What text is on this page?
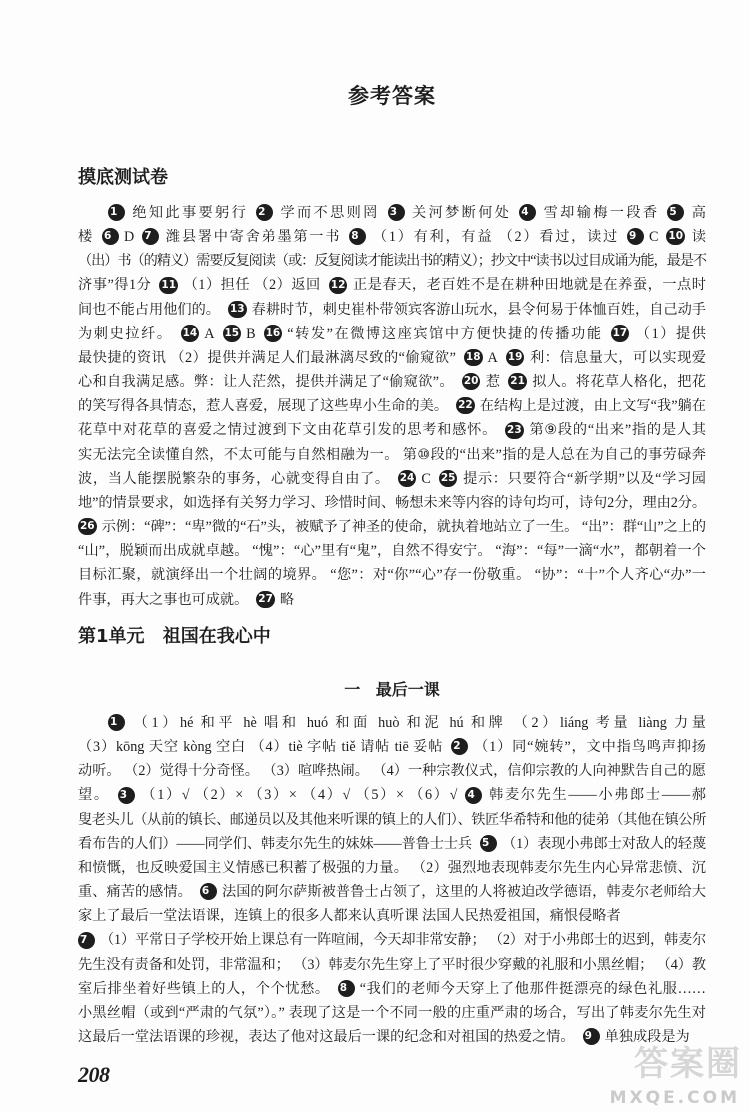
参考答案
摸底测试卷
1 绝知此事要躬行 2 学而不思则罔 3 关河梦断何处 4 雪却输梅一段香 5 高
楼 6 D 7 潍县署中寄舍弟墨第一书 8 （1）有利，有益 （2）看过，读过 9 C 10 读
（出）书（的精义）需要反复阅读（或：反复阅读才能读出书的精义）；抄文中“读书以过目成诵为能，最是不
济事”得1分 11 （1）担任 （2）返回 12 正是春天，老百姓不是在耕种田地就是在养蚕，一点时
间也不能占用他们的。 13 春耕时节，刺史崔朴带领宾客游山玩水，县令何易于体恤百姓，自己动手
为刺史拉纤。 14 A 15 B 16 “转发”在微博这座宾馆中方便快捷的传播功能 17 （1）提供
最快捷的资讯 （2）提供并满足人们最淋漓尽致的“偷窥欲” 18 A 19 利：信息量大，可以实现爱
心和自我满足感。弊：让人茫然，提供并满足了“偷窥欲”。 20 惹 21 拟人。将花草人格化，把花
的笑写得各具情态，惹人喜爱，展现了这些卑小生命的美。 22 在结构上是过渡，由上文写“我”躺在
花草中对花草的喜爱之情过渡到下文由花草引发的思考和感怀。 23 第⑨段的“出来”指的是人其
实无法完全读懂自然，不太可能与自然相融为一。 第⑩段的“出来”指的是人总在为自己的事劳碌奔
波，当人能摆脱繁杂的事务，心就变得自由了。 24 C 25 提示：只要符合“新学期”以及“学习园
地”的情景要求，如选择有关努力学习、珍惜时间、畅想未来等内容的诗句均可，诗句2分，理由2分。
26 示例：“碑”：“卑”微的“石”头，被赋予了神圣的使命，就执着地站立了一生。 “出”：群“山”之上的
“山”，脱颖而出成就卓越。 “愧”：“心”里有“鬼”，自然不得安宁。 “海”：“每”一滴“水”，都朝着一个
目标汇聚，就演绎出一个壮阔的境界。 “您”：对“你”“心”存一份敬重。 “协”：“十”个人齐心“办”一
件事，再大之事也可成就。 27 略
第1单元 祖国在我心中
一 最后一课
1 （1）hé 和平 hè 唱和 huó 和面 huò 和泥 hú 和牌 （2）liáng 考量 liàng 力量
（3）kōng 天空 kòng 空白 （4）tiè 字帖 tiě 请帖 tiē 妥帖 2 （1）同“婉转”，文中指鸟鸣声抑扬
动听。 （2）觉得十分奇怪。 （3）喧哗热闹。 （4）一种宗教仪式，信仰宗教的人向神默告自己的愿
望。 3 （1）√ （2）× （3）× （4）√ （5）× （6）√ 4 韩麦尔先生——小弗郎士——郝
叟老头儿（从前的镇长、邮递员以及其他来听课的镇上的人们）、铁匠华希特和他的徒弟（其他在镇公所
看布告的人们）——同学们、韩麦尔先生的妹妹——普鲁士士兵 5 （1）表现小弗郎士对敌人的轻蔑
和愤慨，也反映爱国主义情感已积蓄了极强的力量。 （2）强烈地表现韩麦尔先生内心异常悲愤、沉
重、痛苦的感情。 6 法国的阿尔萨斯被普鲁士占领了，这里的人将被迫改学德语，韩麦尔老师给大
家上了最后一堂法语课，连镇上的很多人都来认真听课 法国人民热爱祖国，痛恨侵略者
7 （1）平常日子学校开始上课总有一阵喧闹，今天却非常安静； （2）对于小弗郎士的迟到，韩麦尔
先生没有责备和处罚，非常温和； （3）韩麦尔先生穿上了平时很少穿戴的礼服和小黑丝帽； （4）教
室后排坐着好些镇上的人，个个忧愁。 8 “我们的老师今天穿上了他那件挺漂亮的绿色礼服……
小黑丝帽（或到“严肃的气氛”）。” 表现了这是一个不同一般的庄重严肃的场合，写出了韩麦尔先生对
这最后一堂法语课的珍视，表达了他对这最后一课的纪念和对祖国的热爱之情。 9 单独成段是为
208	答案圈
MXQE.COM
